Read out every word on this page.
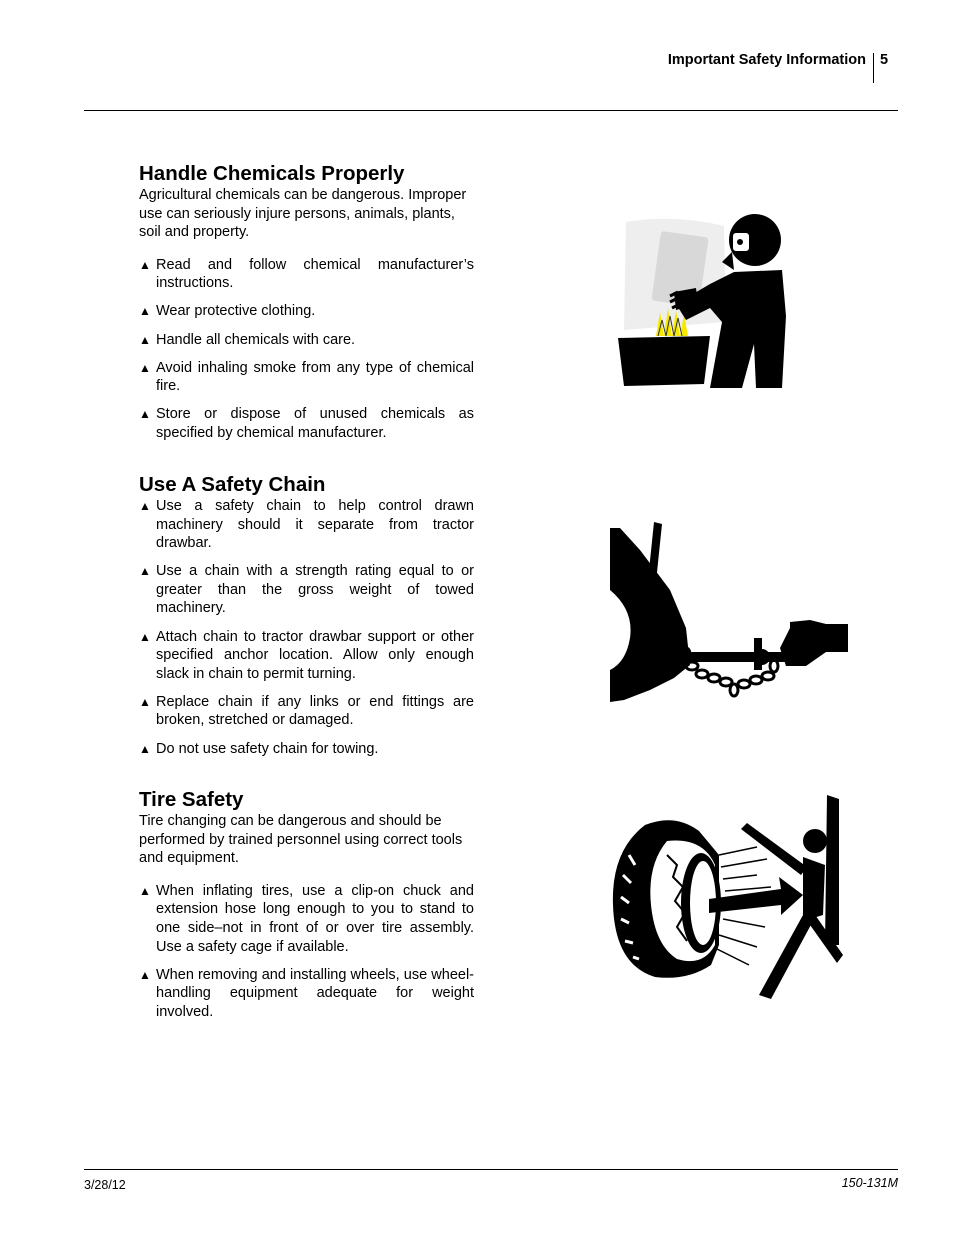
Important Safety Information 5
Handle Chemicals Properly

Agricultural chemicals can be dangerous. Improper use can seriously injure persons, animals, plants, soil and property.

▲ Read and follow chemical manufacturer’s instructions.
▲ Wear protective clothing.
▲ Handle all chemicals with care.
▲ Avoid inhaling smoke from any type of chemical fire.
▲ Store or dispose of unused chemicals as specified by chemical manufacturer.
Use A Safety Chain
▲ Use a safety chain to help control drawn machinery should it separate from tractor drawbar.
▲ Use a chain with a strength rating equal to or greater than the gross weight of towed machinery.
▲ Attach chain to tractor drawbar support or other specified anchor location. Allow only enough slack in chain to permit turning.
▲ Replace chain if any links or end fittings are broken, stretched or damaged.
▲ Do not use safety chain for towing.
Tire Safety

Tire changing can be dangerous and should be performed by trained personnel using correct tools and equipment.

▲ When inflating tires, use a clip-on chuck and extension hose long enough to you to stand to one side–not in front of or over tire assembly. Use a safety cage if available.
▲ When removing and installing wheels, use wheel-handling equipment adequate for weight involved.
3/28/12	150-131M
